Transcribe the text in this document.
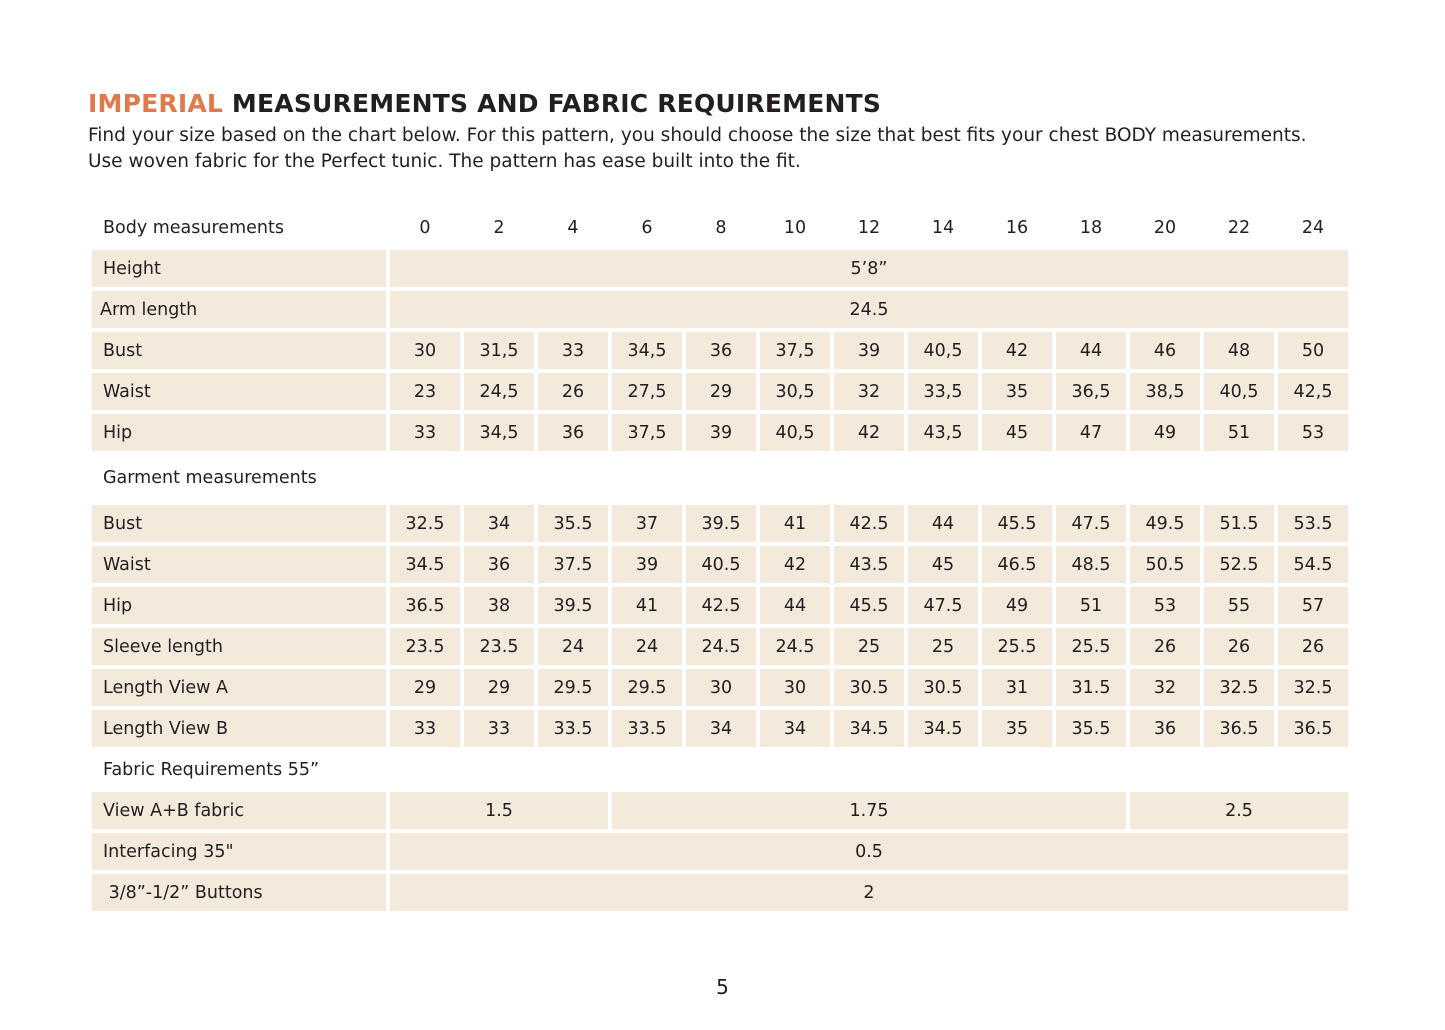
IMPERIAL MEASUREMENTS AND FABRIC REQUIREMENTS
Find your size based on the chart below. For this pattern, you should choose the size that best fits your chest BODY measurements.
Use woven fabric for the Perfect tunic. The pattern has ease built into the fit.
Body measurements	0	2	4	6	8	10	12	14	16	18	20	22	24
Height	5’8”												
Arm length	24.5												
Bust	30	31,5	33	34,5	36	37,5	39	40,5	42	44	46	48	50
Waist	23	24,5	26	27,5	29	30,5	32	33,5	35	36,5	38,5	40,5	42,5
Hip	33	34,5	36	37,5	39	40,5	42	43,5	45	47	49	51	53
Garment measurements													
Bust	32.5	34	35.5	37	39.5	41	42.5	44	45.5	47.5	49.5	51.5	53.5
Waist	34.5	36	37.5	39	40.5	42	43.5	45	46.5	48.5	50.5	52.5	54.5
Hip	36.5	38	39.5	41	42.5	44	45.5	47.5	49	51	53	55	57
Sleeve length	23.5	23.5	24	24	24.5	24.5	25	25	25.5	25.5	26	26	26
Length View A	29	29	29.5	29.5	30	30	30.5	30.5	31	31.5	32	32.5	32.5
Length View B	33	33	33.5	33.5	34	34	34.5	34.5	35	35.5	36	36.5	36.5
Fabric Requirements 55”													
View A+B fabric	1.5			1.75							2.5		
Interfacing 35"	0.5												
3/8”-1/2” Buttons	2												
5
